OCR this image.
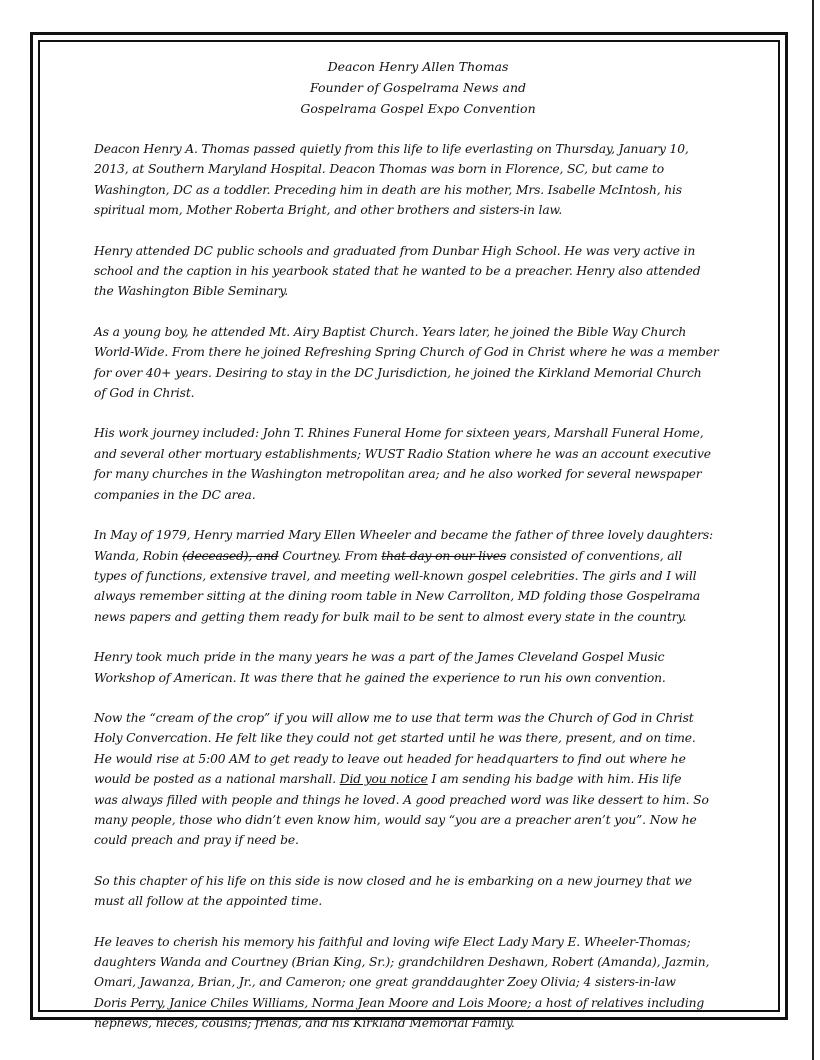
Deacon Henry Allen Thomas
Founder of Gospelrama News and
Gospelrama Gospel Expo Convention

Deacon Henry A. Thomas passed quietly from this life to life everlasting on Thursday, January 10,
2013, at Southern Maryland Hospital. Deacon Thomas was born in Florence, SC, but came to
Washington, DC as a toddler. Preceding him in death are his mother, Mrs. Isabelle McIntosh, his
spiritual mom, Mother Roberta Bright, and other brothers and sisters-in law.

Henry attended DC public schools and graduated from Dunbar High School. He was very active in
school and the caption in his yearbook stated that he wanted to be a preacher. Henry also attended
the Washington Bible Seminary.

As a young boy, he attended Mt. Airy Baptist Church. Years later, he joined the Bible Way Church
World-Wide. From there he joined Refreshing Spring Church of God in Christ where he was a member
for over 40+ years. Desiring to stay in the DC Jurisdiction, he joined the Kirkland Memorial Church
of God in Christ.

His work journey included: John T. Rhines Funeral Home for sixteen years, Marshall Funeral Home,
and several other mortuary establishments; WUST Radio Station where he was an account executive
for many churches in the Washington metropolitan area; and he also worked for several newspaper
companies in the DC area.

In May of 1979, Henry married Mary Ellen Wheeler and became the father of three lovely daughters:
Wanda, Robin (deceased), and Courtney. From that day on our lives consisted of conventions, all
types of functions, extensive travel, and meeting well-known gospel celebrities. The girls and I will
always remember sitting at the dining room table in New Carrollton, MD folding those Gospelrama
news papers and getting them ready for bulk mail to be sent to almost every state in the country.

Henry took much pride in the many years he was a part of the James Cleveland Gospel Music
Workshop of American. It was there that he gained the experience to run his own convention.

Now the “cream of the crop” if you will allow me to use that term was the Church of God in Christ
Holy Convercation. He felt like they could not get started until he was there, present, and on time.
He would rise at 5:00 AM to get ready to leave out headed for headquarters to find out where he
would be posted as a national marshall. Did you notice I am sending his badge with him. His life
was always filled with people and things he loved. A good preached word was like dessert to him. So
many people, those who didn’t even know him, would say “you are a preacher aren’t you”. Now he
could preach and pray if need be.

So this chapter of his life on this side is now closed and he is embarking on a new journey that we
must all follow at the appointed time.

He leaves to cherish his memory his faithful and loving wife Elect Lady Mary E. Wheeler-Thomas;
daughters Wanda and Courtney (Brian King, Sr.); grandchildren Deshawn, Robert (Amanda), Jazmin,
Omari, Jawanza, Brian, Jr., and Cameron; one great granddaughter Zoey Olivia; 4 sisters-in-law
Doris Perry, Janice Chiles Williams, Norma Jean Moore and Lois Moore; a host of relatives including
nephews, nieces, cousins; friends, and his Kirkland Memorial Family.
